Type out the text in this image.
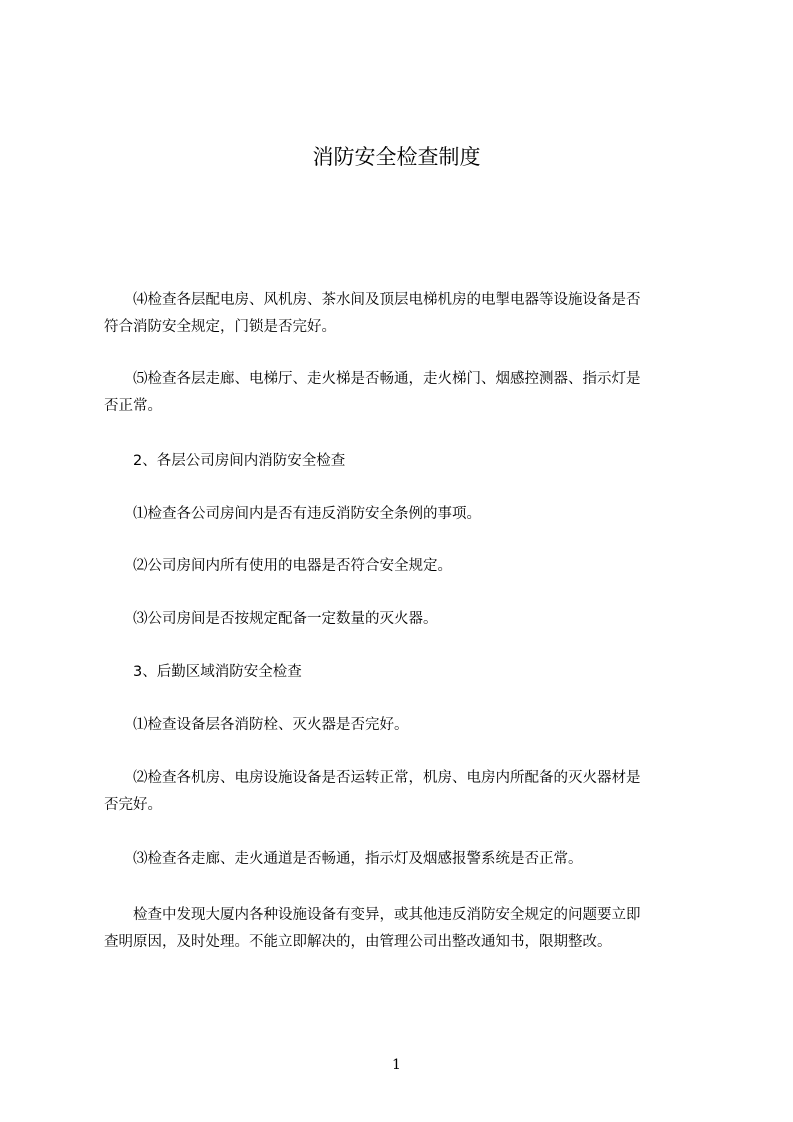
消防安全检查制度
　　⑷检查各层配电房、风机房、茶水间及顶层电梯机房的电掣电器等设施设备是否
符合消防安全规定，门锁是否完好。
　　⑸检查各层走廊、电梯厅、走火梯是否畅通，走火梯门、烟感控测器、指示灯是
否正常。
　　2、各层公司房间内消防安全检查
　　⑴检查各公司房间内是否有违反消防安全条例的事项。
　　⑵公司房间内所有使用的电器是否符合安全规定。
　　⑶公司房间是否按规定配备一定数量的灭火器。
　　3、后勤区域消防安全检查
　　⑴检查设备层各消防栓、灭火器是否完好。
　　⑵检查各机房、电房设施设备是否运转正常，机房、电房内所配备的灭火器材是
否完好。
　　⑶检查各走廊、走火通道是否畅通，指示灯及烟感报警系统是否正常。
　　检查中发现大厦内各种设施设备有变异，或其他违反消防安全规定的问题要立即
查明原因，及时处理。不能立即解决的，由管理公司出整改通知书，限期整改。
1
